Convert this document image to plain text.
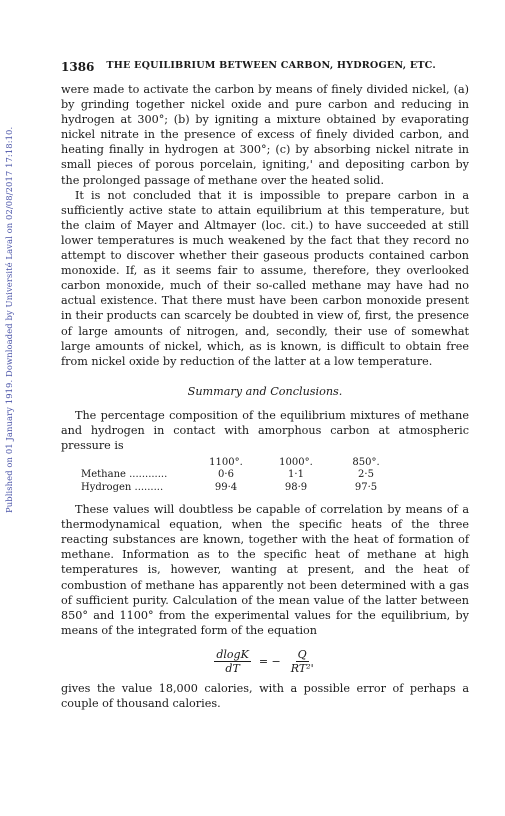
Published on 01 January 1919. Downloaded by Université Laval on 02/08/2017 17:18:10.
1386 THE EQUILIBRIUM BETWEEN CARBON, HYDROGEN, ETC.

were made to activate the carbon by means of finely divided nickel, (a) by grinding together nickel oxide and pure carbon and reducing in hydrogen at 300°; (b) by igniting a mixture obtained by evaporating nickel nitrate in the presence of excess of finely divided carbon, and heating finally in hydrogen at 300°; (c) by absorbing nickel nitrate in small pieces of porous porcelain, igniting,' and depositing carbon by the prolonged passage of methane over the heated solid.

It is not concluded that it is impossible to prepare carbon in a sufficiently active state to attain equilibrium at this temperature, but the claim of Mayer and Altmayer (loc. cit.) to have succeeded at still lower temperatures is much weakened by the fact that they record no attempt to discover whether their gaseous products contained carbon monoxide. If, as it seems fair to assume, therefore, they overlooked carbon monoxide, much of their so-called methane may have had no actual existence. That there must have been carbon monoxide present in their products can scarcely be doubted in view of, first, the presence of large amounts of nitrogen, and, secondly, their use of somewhat large amounts of nickel, which, as is known, is difficult to obtain free from nickel oxide by reduction of the latter at a low temperature.

Summary and Conclusions.

The percentage composition of the equilibrium mixtures of methane and hydrogen in contact with amorphous carbon at atmospheric pressure is

	1100°.	1000°.	850°.
Methane ............	0·6	1·1	2·5
Hydrogen .........	99·4	98·9	97·5

These values will doubtless be capable of correlation by means of a thermodynamical equation, when the specific heats of the three reacting substances are known, together with the heat of formation of methane. Information as to the specific heat of methane at high temperatures is, however, wanting at present, and the heat of combustion of methane has apparently not been determined with a gas of sufficient purity. Calculation of the mean value of the latter between 850° and 1100° from the experimental values for the equilibrium, by means of the integrated form of the equation

$\frac{dlogK}{dT}$ = − $\frac{Q}{\text{RT²'}}$

gives the value 18,000 calories, with a possible error of perhaps a couple of thousand calories.
